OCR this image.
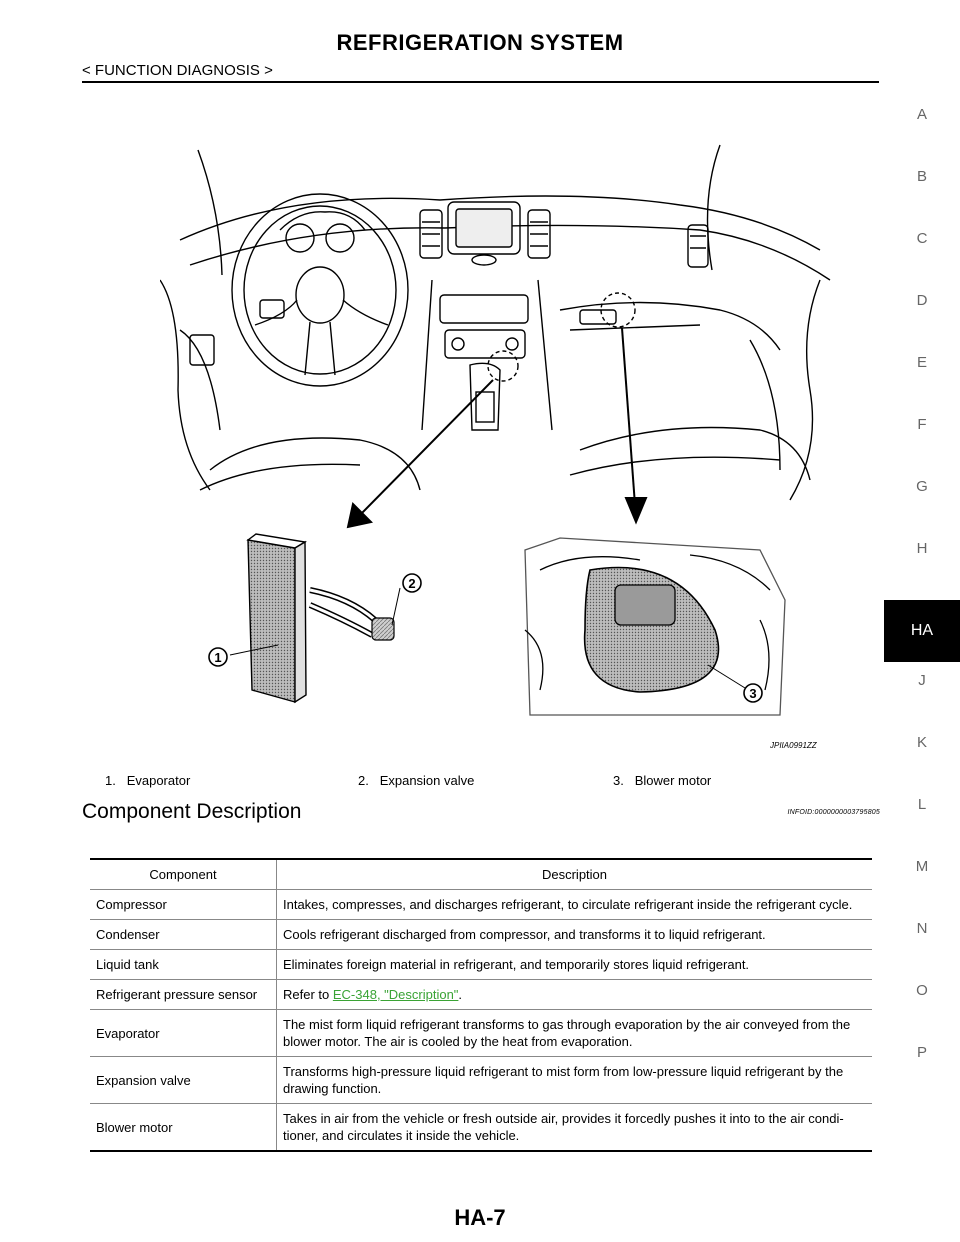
REFRIGERATION SYSTEM
< FUNCTION DIAGNOSIS >
A
B
C
D
E
F
G
H
HA
J
K
L
M
N
O
P
1
2
3
JPIIA0991ZZ
1. Evaporator	2. Expansion valve	3. Blower motor
Component Description	INFOID:0000000003795805
Component	Description
Compressor	Intakes, compresses, and discharges refrigerant, to circulate refrigerant inside the refrigerant cycle.
Condenser	Cools refrigerant discharged from compressor, and transforms it to liquid refrigerant.
Liquid tank	Eliminates foreign material in refrigerant, and temporarily stores liquid refrigerant.
Refrigerant pressure sensor	Refer to EC-348, "Description".
Evaporator	The mist form liquid refrigerant transforms to gas through evaporation by the air conveyed from the blower motor. The air is cooled by the heat from evaporation.
Expansion valve	Transforms high-pressure liquid refrigerant to mist form from low-pressure liquid refrigerant by the drawing function.
Blower motor	Takes in air from the vehicle or fresh outside air, provides it forcedly pushes it into to the air condi-tioner, and circulates it inside the vehicle.
HA-7
